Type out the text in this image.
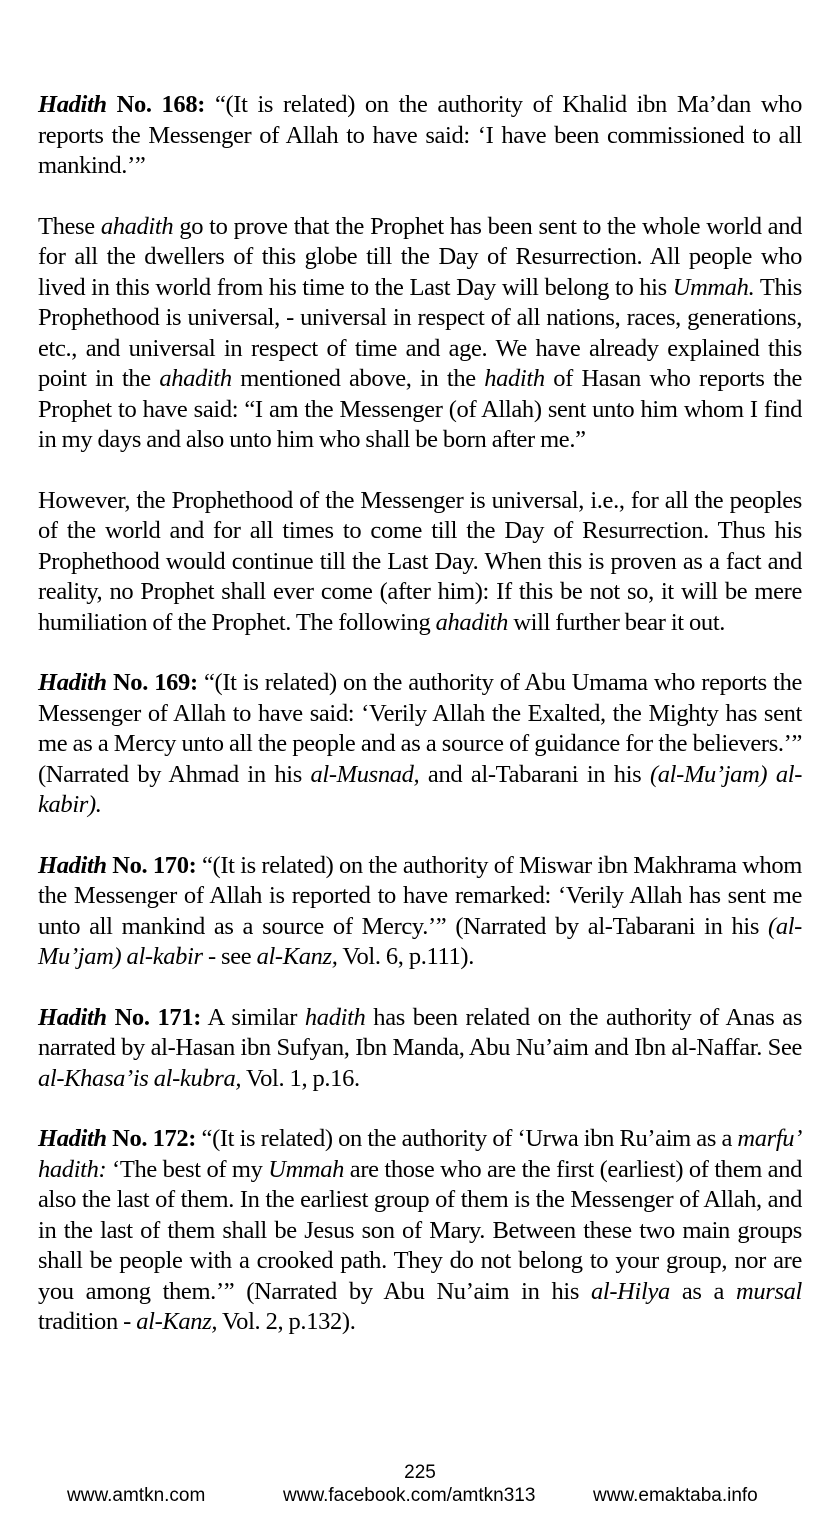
Hadith No. 168: “(It is related) on the authority of Khalid ibn Ma’dan who reports the Messenger of Allah to have said: ‘I have been commissioned to all mankind.’”

These ahadith go to prove that the Prophet has been sent to the whole world and for all the dwellers of this globe till the Day of Resurrection. All people who lived in this world from his time to the Last Day will belong to his Ummah. This Prophethood is universal, - universal in respect of all nations, races, generations, etc., and universal in respect of time and age. We have already explained this point in the ahadith mentioned above, in the hadith of Hasan who reports the Prophet to have said: “I am the Messenger (of Allah) sent unto him whom I find in my days and also unto him who shall be born after me.”

However, the Prophethood of the Messenger is universal, i.e., for all the peoples of the world and for all times to come till the Day of Resurrection. Thus his Prophethood would continue till the Last Day. When this is proven as a fact and reality, no Prophet shall ever come (after him): If this be not so, it will be mere humiliation of the Prophet. The following ahadith will further bear it out.

Hadith No. 169: “(It is related) on the authority of Abu Umama who reports the Messenger of Allah to have said: ‘Verily Allah the Exalted, the Mighty has sent me as a Mercy unto all the people and as a source of guidance for the believers.’” (Narrated by Ahmad in his al-Musnad, and al-Tabarani in his (al-Mu’jam) al-kabir).

Hadith No. 170: “(It is related) on the authority of Miswar ibn Makhrama whom the Messenger of Allah is reported to have remarked: ‘Verily Allah has sent me unto all mankind as a source of Mercy.’” (Narrated by al-Tabarani in his (al-Mu’jam) al-kabir - see al-Kanz, Vol. 6, p.111).

Hadith No. 171: A similar hadith has been related on the authority of Anas as narrated by al-Hasan ibn Sufyan, Ibn Manda, Abu Nu’aim and Ibn al-Naffar. See al-Khasa’is al-kubra, Vol. 1, p.16.

Hadith No. 172: “(It is related) on the authority of ‘Urwa ibn Ru’aim as a marfu’ hadith: ‘The best of my Ummah are those who are the first (earliest) of them and also the last of them. In the earliest group of them is the Messenger of Allah, and in the last of them shall be Jesus son of Mary. Between these two main groups shall be people with a crooked path. They do not belong to your group, nor are you among them.’” (Narrated by Abu Nu’aim in his al-Hilya as a mursal tradition - al-Kanz, Vol. 2, p.132).

225
www.amtkn.com	www.facebook.com/amtkn313	www.emaktaba.info
